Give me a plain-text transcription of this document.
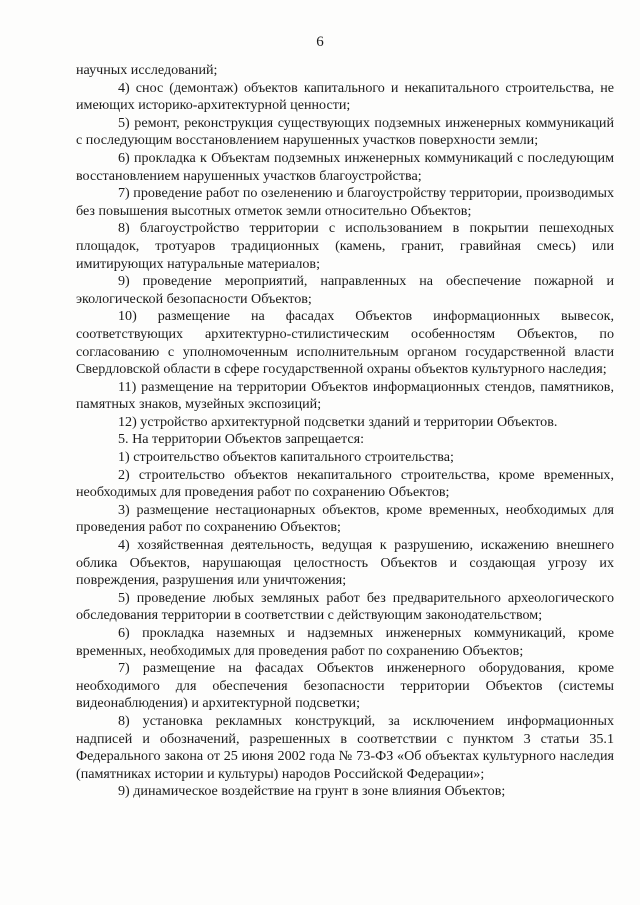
6

научных исследований;

4) снос (демонтаж) объектов капитального и некапитального строительства, не имеющих историко-архитектурной ценности;

5) ремонт, реконструкция существующих подземных инженерных коммуникаций с последующим восстановлением нарушенных участков поверхности земли;

6) прокладка к Объектам подземных инженерных коммуникаций с последующим восстановлением нарушенных участков благоустройства;

7) проведение работ по озеленению и благоустройству территории, производимых без повышения высотных отметок земли относительно Объектов;

8) благоустройство территории с использованием в покрытии пешеходных площадок, тротуаров традиционных (камень, гранит, гравийная смесь) или имитирующих натуральные материалов;

9) проведение мероприятий, направленных на обеспечение пожарной и экологической безопасности Объектов;

10) размещение на фасадах Объектов информационных вывесок, соответствующих архитектурно-стилистическим особенностям Объектов, по согласованию с уполномоченным исполнительным органом государственной власти Свердловской области в сфере государственной охраны объектов культурного наследия;

11) размещение на территории Объектов информационных стендов, памятников, памятных знаков, музейных экспозиций;

12) устройство архитектурной подсветки зданий и территории Объектов.

5. На территории Объектов запрещается:

1) строительство объектов капитального строительства;

2) строительство объектов некапитального строительства, кроме временных, необходимых для проведения работ по сохранению Объектов;

3) размещение нестационарных объектов, кроме временных, необходимых для проведения работ по сохранению Объектов;

4) хозяйственная деятельность, ведущая к разрушению, искажению внешнего облика Объектов, нарушающая целостность Объектов и создающая угрозу их повреждения, разрушения или уничтожения;

5) проведение любых земляных работ без предварительного археологического обследования территории в соответствии с действующим законодательством;

6) прокладка наземных и надземных инженерных коммуникаций, кроме временных, необходимых для проведения работ по сохранению Объектов;

7) размещение на фасадах Объектов инженерного оборудования, кроме необходимого для обеспечения безопасности территории Объектов (системы видеонаблюдения) и архитектурной подсветки;

8) установка рекламных конструкций, за исключением информационных надписей и обозначений, разрешенных в соответствии с пунктом 3 статьи 35.1 Федерального закона от 25 июня 2002 года № 73-ФЗ «Об объектах культурного наследия (памятниках истории и культуры) народов Российской Федерации»;

9) динамическое воздействие на грунт в зоне влияния Объектов;
